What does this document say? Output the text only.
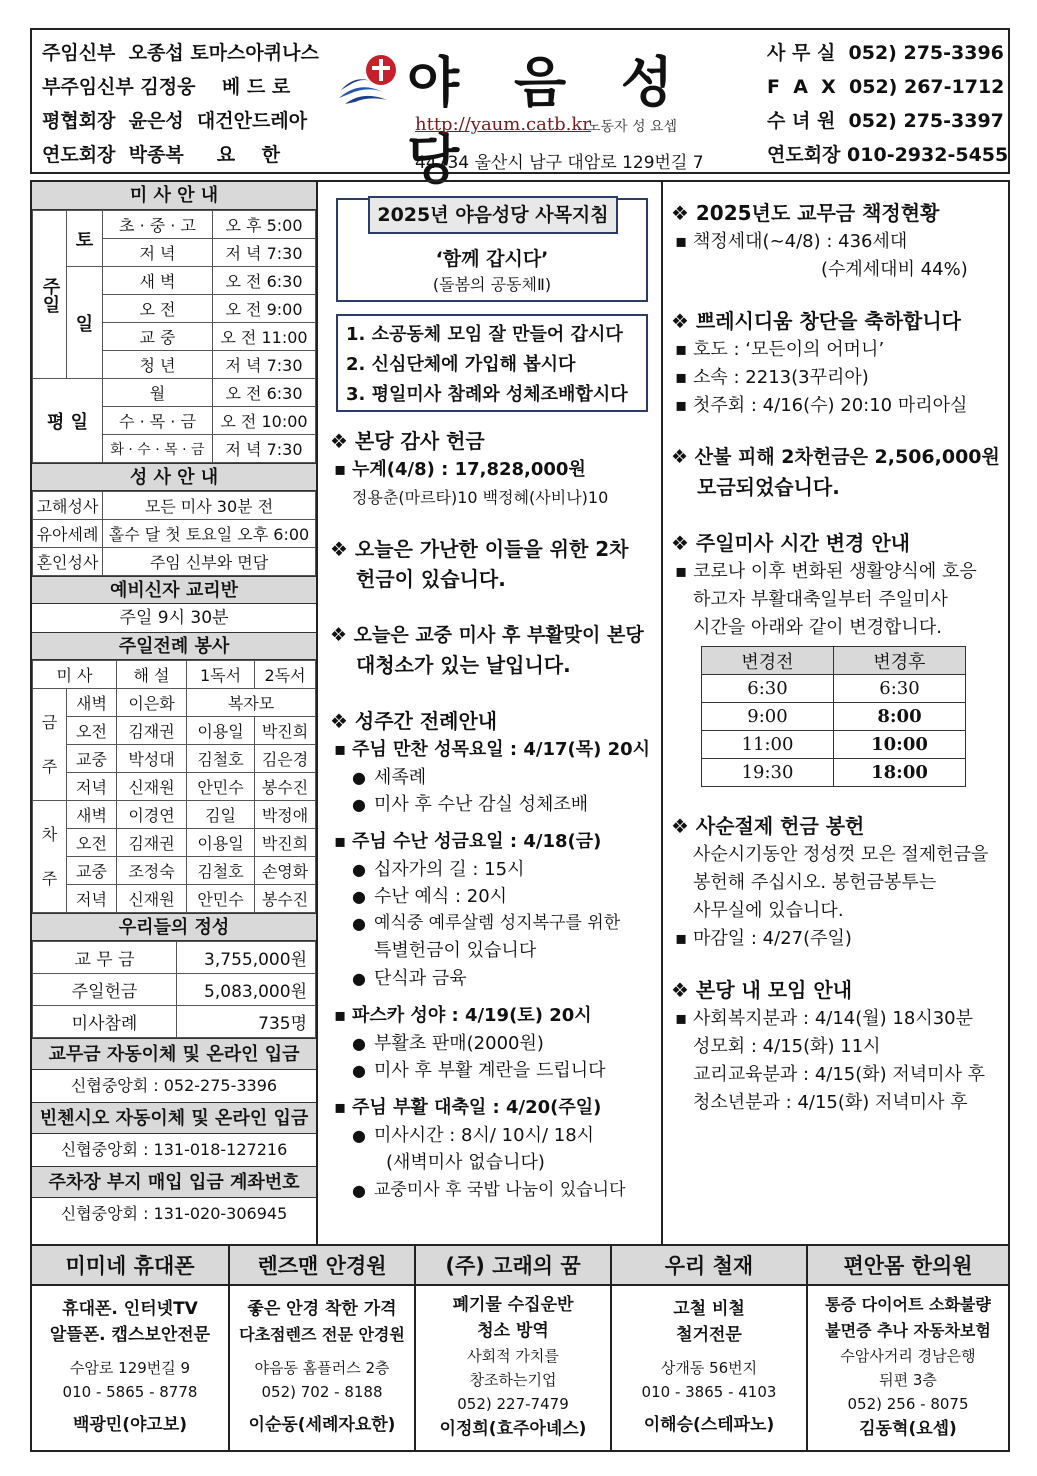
주임신부  오종섭 토마스아퀴나스
부주임신부 김정웅    베 드 로
평협회장  윤은성  대건안드레아
연도회장  박종복     요    한
야 음 성 당
http://yaum.catb.kr
노동자 성 요셉
44734 울산시 남구 대암로 129번길 7
사 무 실  052) 275-3396
F  A  X  052) 267-1712
수 녀 원  052) 275-3397
연도회장 010-2932-5455
미 사 안 내
주일	토	초 · 중 · 고	오 후 5:00
		저 녁	저 녁 7:30
	일	새 벽	오 전 6:30
		오 전	오 전 9:00
		교 중	오 전 11:00
		청 년	저 녁 7:30
평 일		월	오 전 6:30
		수 · 목 · 금	오 전 10:00
		화 · 수 · 목 · 금	저 녁 7:30
성 사 안 내
고해성사	모든 미사 30분 전
유아세례	홀수 달 첫 토요일 오후 6:00
혼인성사	주임 신부와 면담
예비신자 교리반
주일 9시 30분
주일전례 봉사
미 사		해 설	1독서	2독서
금

주	새벽	이은화	복자모	
	오전	김재권	이용일	박진희
	교중	박성대	김철호	김은경
	저녁	신재원	안민수	봉수진
차

주	새벽	이경연	김일	박정애
	오전	김재권	이용일	박진희
	교중	조정숙	김철호	손영화
	저녁	신재원	안민수	봉수진
우리들의 정성
교 무 금	3,755,000원
주일헌금	5,083,000원
미사참례	735명
교무금 자동이체 및 온라인 입금
신협중앙회 : 052-275-3396
빈첸시오 자동이체 및 온라인 입금
신협중앙회 : 131-018-127216
주차장 부지 매입 입금 계좌번호
신협중앙회 : 131-020-306945
2025년 야음성당 사목지침
‘함께 갑시다’
(돌봄의 공동체Ⅱ)
1. 소공동체 모임 잘 만들어 갑시다
2. 신심단체에 가입해 봅시다
3. 평일미사 참례와 성체조배합시다
❖ 본당 감사 헌금
▪ 누계(4/8) : 17,828,000원
정용춘(마르타)10 백정혜(사비나)10
❖ 오늘은 가난한 이들을 위한 2차
헌금이 있습니다.
❖ 오늘은 교중 미사 후 부활맞이 본당
대청소가 있는 날입니다.
❖ 성주간 전례안내
▪ 주님 만찬 성목요일 : 4/17(목) 20시
● 세족례
● 미사 후 수난 감실 성체조배
▪ 주님 수난 성금요일 : 4/18(금)
● 십자가의 길 : 15시
● 수난 예식 : 20시
● 예식중 예루살렘 성지복구를 위한
특별헌금이 있습니다
● 단식과 금육
▪ 파스카 성야 : 4/19(토) 20시
● 부활초 판매(2000원)
● 미사 후 부활 계란을 드립니다
▪ 주님 부활 대축일 : 4/20(주일)
● 미사시간 : 8시/ 10시/ 18시
(새벽미사 없습니다)
● 교중미사 후 국밥 나눔이 있습니다
❖ 2025년도 교무금 책정현황
▪ 책정세대(~4/8) : 436세대
(수계세대비 44%)
❖ 쁘레시디움 창단을 축하합니다
▪ 호도 : ‘모든이의 어머니’
▪ 소속 : 2213(3꾸리아)
▪ 첫주회 : 4/16(수) 20:10 마리아실
❖ 산불 피해 2차헌금은 2,506,000원
모금되었습니다.
❖ 주일미사 시간 변경 안내
▪ 코로나 이후 변화된 생활양식에 호응
하고자 부활대축일부터 주일미사
시간을 아래와 같이 변경합니다.
변경전	변경후
6:30	6:30
9:00	8:00
11:00	10:00
19:30	18:00
❖ 사순절제 헌금 봉헌
사순시기동안 정성껏 모은 절제헌금을
봉헌해 주십시오. 봉헌금봉투는
사무실에 있습니다.
▪ 마감일 : 4/27(주일)
❖ 본당 내 모임 안내
▪ 사회복지분과 : 4/14(월) 18시30분
성모회 : 4/15(화) 11시
교리교육분과 : 4/15(화) 저녁미사 후
청소년분과 : 4/15(화) 저녁미사 후
미미네 휴대폰
휴대폰. 인터넷TV
알뜰폰. 캡스보안전문
수암로 129번길 9
010 - 5865 - 8778
백광민(야고보)
렌즈맨 안경원
좋은 안경 착한 가격
다초점렌즈 전문 안경원
야음동 홈플러스 2층
052) 702 - 8188
이순동(세례자요한)
(주) 고래의 꿈
폐기물 수집운반
청소 방역
사회적 가치를
창조하는기업
052) 227-7479
이정희(효주아녜스)
우리 철재
고철 비철
철거전문
상개동 56번지
010 - 3865 - 4103
이해승(스테파노)
편안몸 한의원
통증 다이어트 소화불량
불면증 추나 자동차보험
수암사거리 경남은행
뒤편 3층
052) 256 - 8075
김동혁(요셉)
